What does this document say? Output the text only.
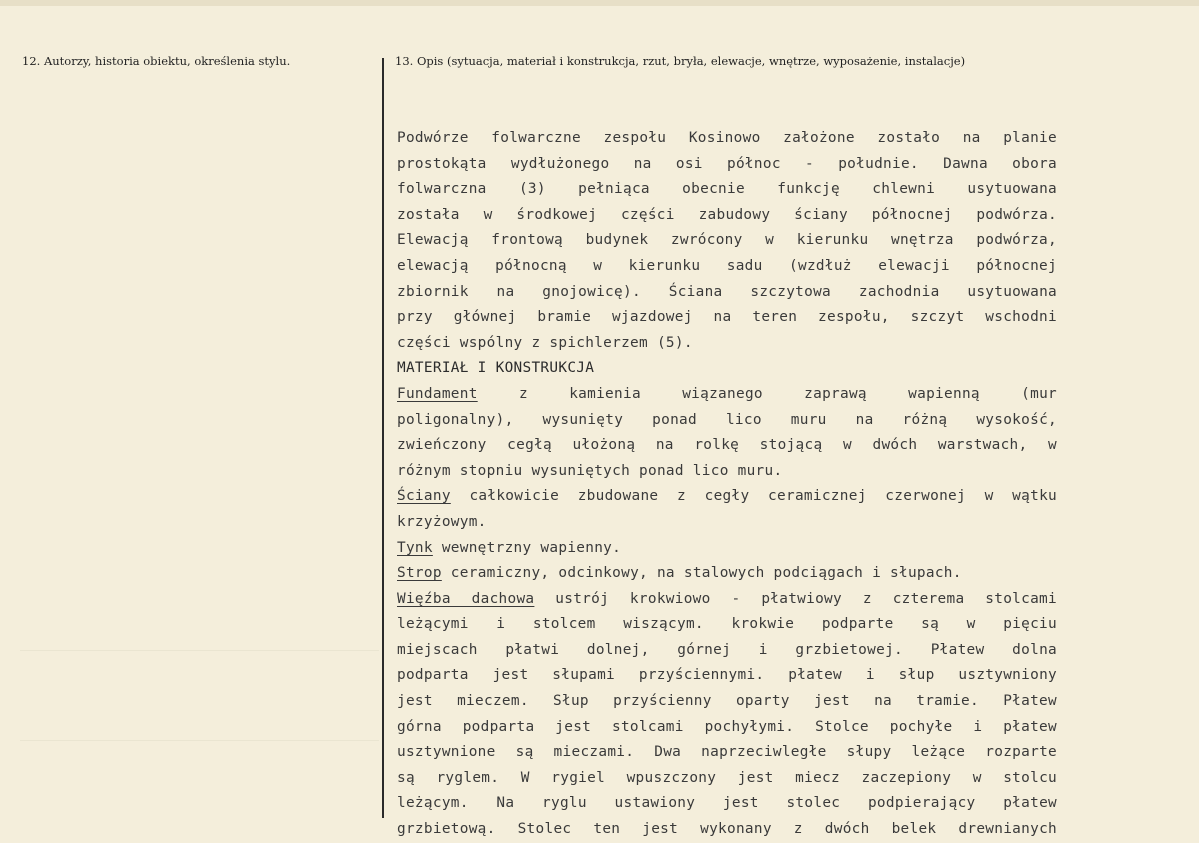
12. Autorzy, historia obiektu, określenia stylu.	13. Opis (sytuacja, materiał i konstrukcja, rzut, bryła, elewacje, wnętrze, wyposażenie, instalacje)
Podwórze folwarczne zespołu Kosinowo założone zostało na planie
prostokąta wydłużonego na osi północ - południe. Dawna obora
folwarczna (3) pełniąca obecnie funkcję chlewni usytuowana
została w środkowej części zabudowy ściany północnej podwórza.
Elewacją frontową budynek zwrócony w kierunku wnętrza podwórza,
elewacją północną w kierunku sadu (wzdłuż elewacji północnej
zbiornik na gnojowicę). Ściana szczytowa zachodnia usytuowana
przy głównej bramie wjazdowej na teren zespołu, szczyt wschodni
części wspólny z spichlerzem (5).
MATERIAŁ I KONSTRUKCJA
Fundament	z kamienia wiązanego zaprawą wapienną (mur
poligonalny), wysunięty ponad lico muru na różną wysokość,
zwieńczony cegłą ułożoną na rolkę stojącą w dwóch warstwach, w
różnym stopniu wysuniętych ponad lico muru.
Ściany całkowicie zbudowane z cegły ceramicznej czerwonej w wątku
krzyżowym.
Tynk wewnętrzny wapienny.
Strop ceramiczny, odcinkowy, na stalowych podciągach i słupach.
Więźba dachowa ustrój krokwiowo - płatwiowy z czterema stolcami
leżącymi i stolcem wiszącym. krokwie podparte są w pięciu
miejscach płatwi dolnej, górnej i grzbietowej. Płatew dolna
podparta jest słupami przyściennymi. płatew i słup usztywniony
jest mieczem. Słup przyścienny oparty jest na tramie. Płatew
górna podparta jest stolcami pochyłymi. Stolce pochyłe i płatew
usztywnione są mieczami. Dwa naprzeciwległe słupy leżące rozparte
są ryglem. W rygiel wpuszczony jest miecz zaczepiony w stolcu
leżącym. Na ryglu ustawiony jest stolec podpierający płatew
grzbietową. Stolec ten jest wykonany z dwóch belek drewnianych
